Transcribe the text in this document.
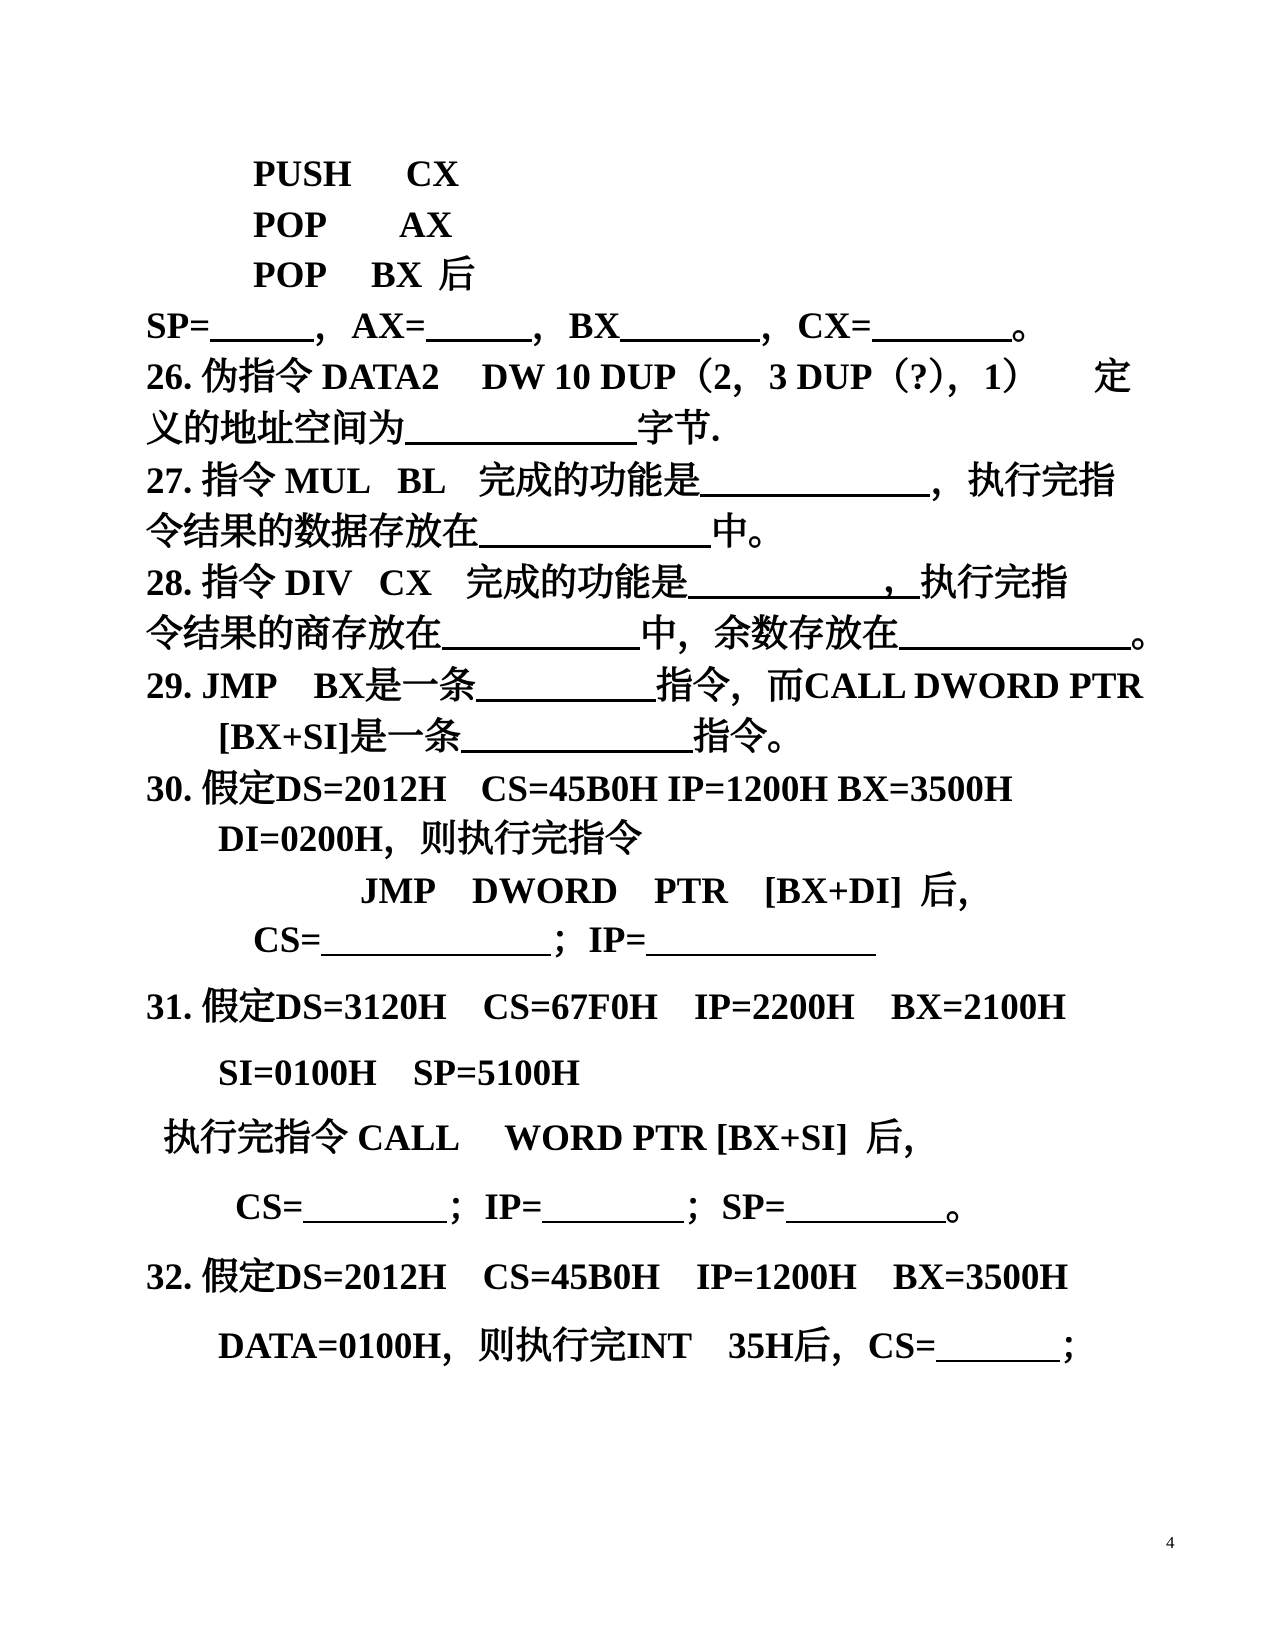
PUSH CX
POP AX
POP BX 后
SP=	，AX=	，BX	，CX=	。
26. 伪指令 DATA2 DW 10 DUP（2，3 DUP（?），1） 定
义的地址空间为	字节.
27. 指令 MUL BL 完成的功能是	，执行完指
令结果的数据存放在	中。
28. 指令 DIV CX 完成的功能是	， 执行完指
令结果的商存放在	中，余数存放在	。
29. JMP BX是一条	指令，而CALL DWORD PTR
[BX+SI]是一条	指令。
30. 假定DS=2012H CS=45B0H IP=1200H BX=3500H
DI=0200H，则执行完指令
JMP DWORD PTR [BX+DI] 后，
CS=	；IP=
31. 假定DS=3120H CS=67F0H IP=2200H BX=2100H
SI=0100H SP=5100H
执行完指令 CALL WORD PTR [BX+SI] 后，
CS=	；IP=	；SP=	。
32. 假定DS=2012H CS=45B0H IP=1200H BX=3500H
DATA=0100H，则执行完INT 35H后，CS=	；
4
